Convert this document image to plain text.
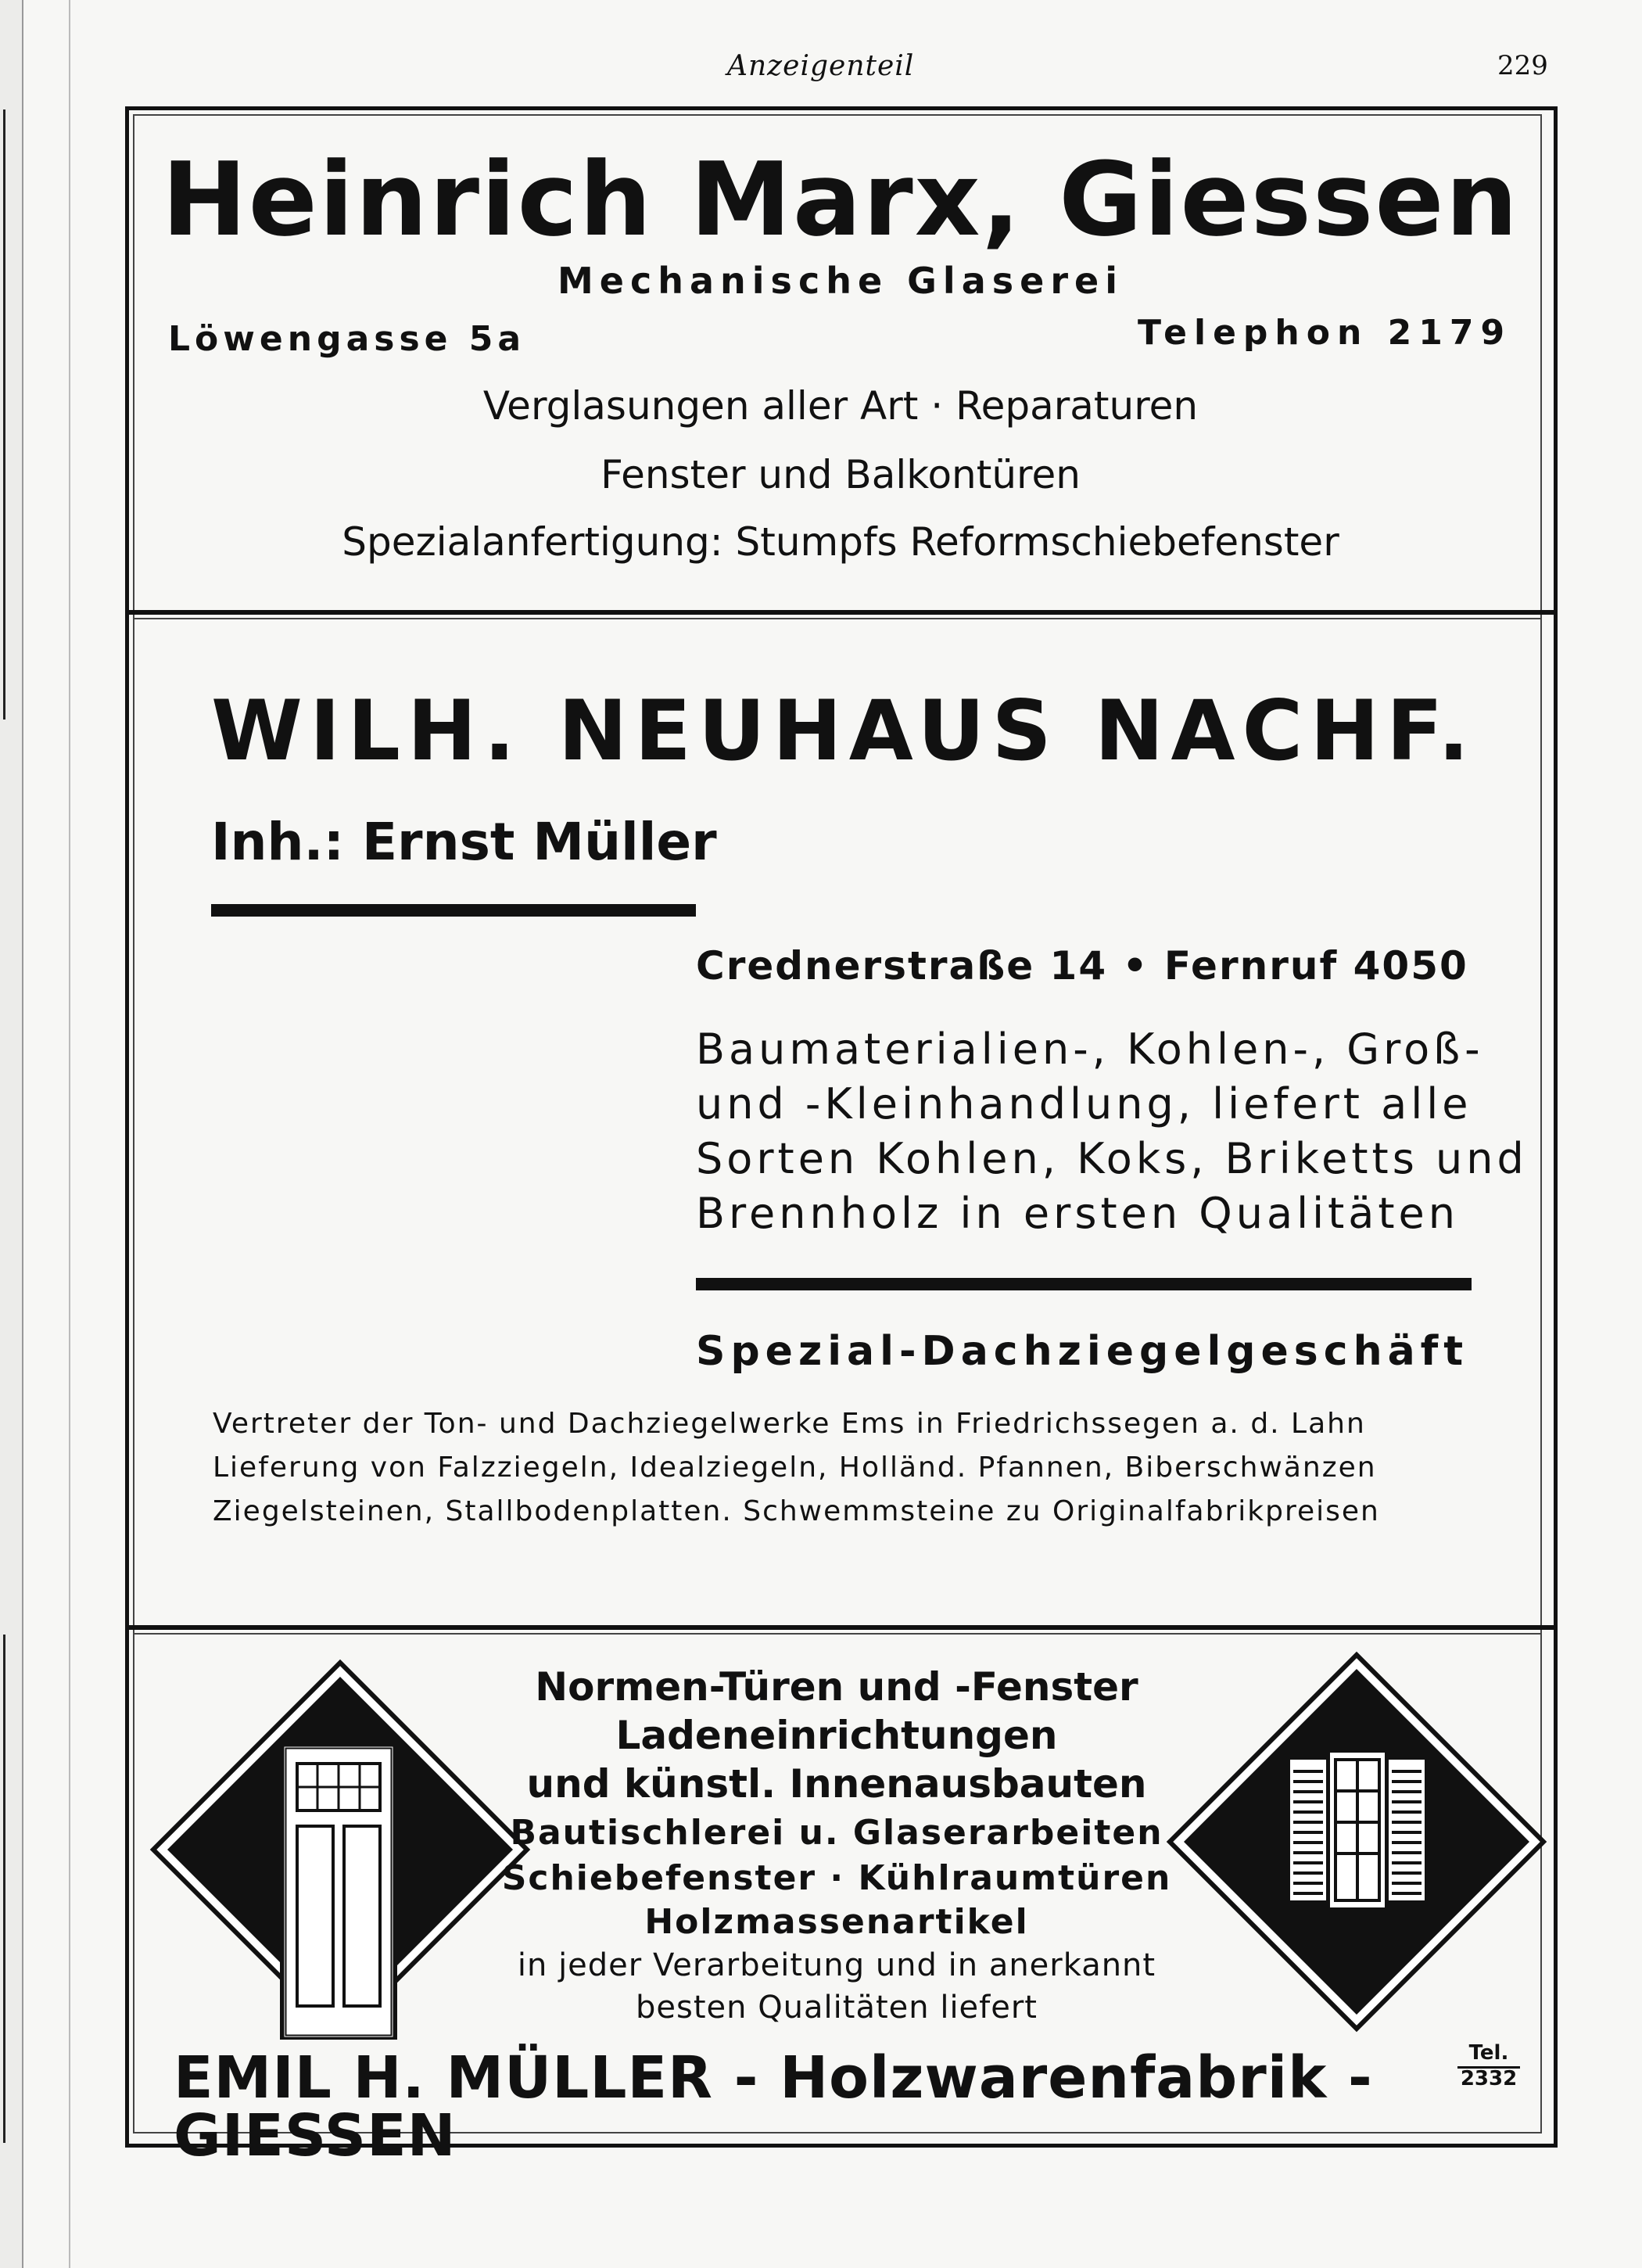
Anzeigenteil	229
Heinrich Marx, Giessen
Mechanische Glaserei
Löwengasse 5a	Telephon 2179
Verglasungen aller Art · Reparaturen
Fenster und Balkontüren
Spezialanfertigung: Stumpfs Reformschiebefenster
WILH. NEUHAUS NACHF.
Inh.: Ernst Müller
Crednerstraße 14 • Fernruf 4050
Baumaterialien-, Kohlen-, Groß-
und -Kleinhandlung, liefert alle
Sorten Kohlen, Koks, Briketts und
Brennholz in ersten Qualitäten
Spezial-Dachziegelgeschäft
Vertreter der Ton- und Dachziegelwerke Ems in Friedrichssegen a. d. Lahn
Lieferung von Falzziegeln, Idealziegeln, Holländ. Pfannen, Biberschwänzen
Ziegelsteinen, Stallbodenplatten. Schwemmsteine zu Originalfabrikpreisen
Normen-Türen und -Fenster
Ladeneinrichtungen
und künstl. Innenausbauten
Bautischlerei u. Glaserarbeiten
Schiebefenster · Kühlraumtüren
Holzmassenartikel
in jeder Verarbeitung und in anerkannt
besten Qualitäten liefert
EMIL H. MÜLLER - Holzwarenfabrik - GIESSEN
Tel.
2332
